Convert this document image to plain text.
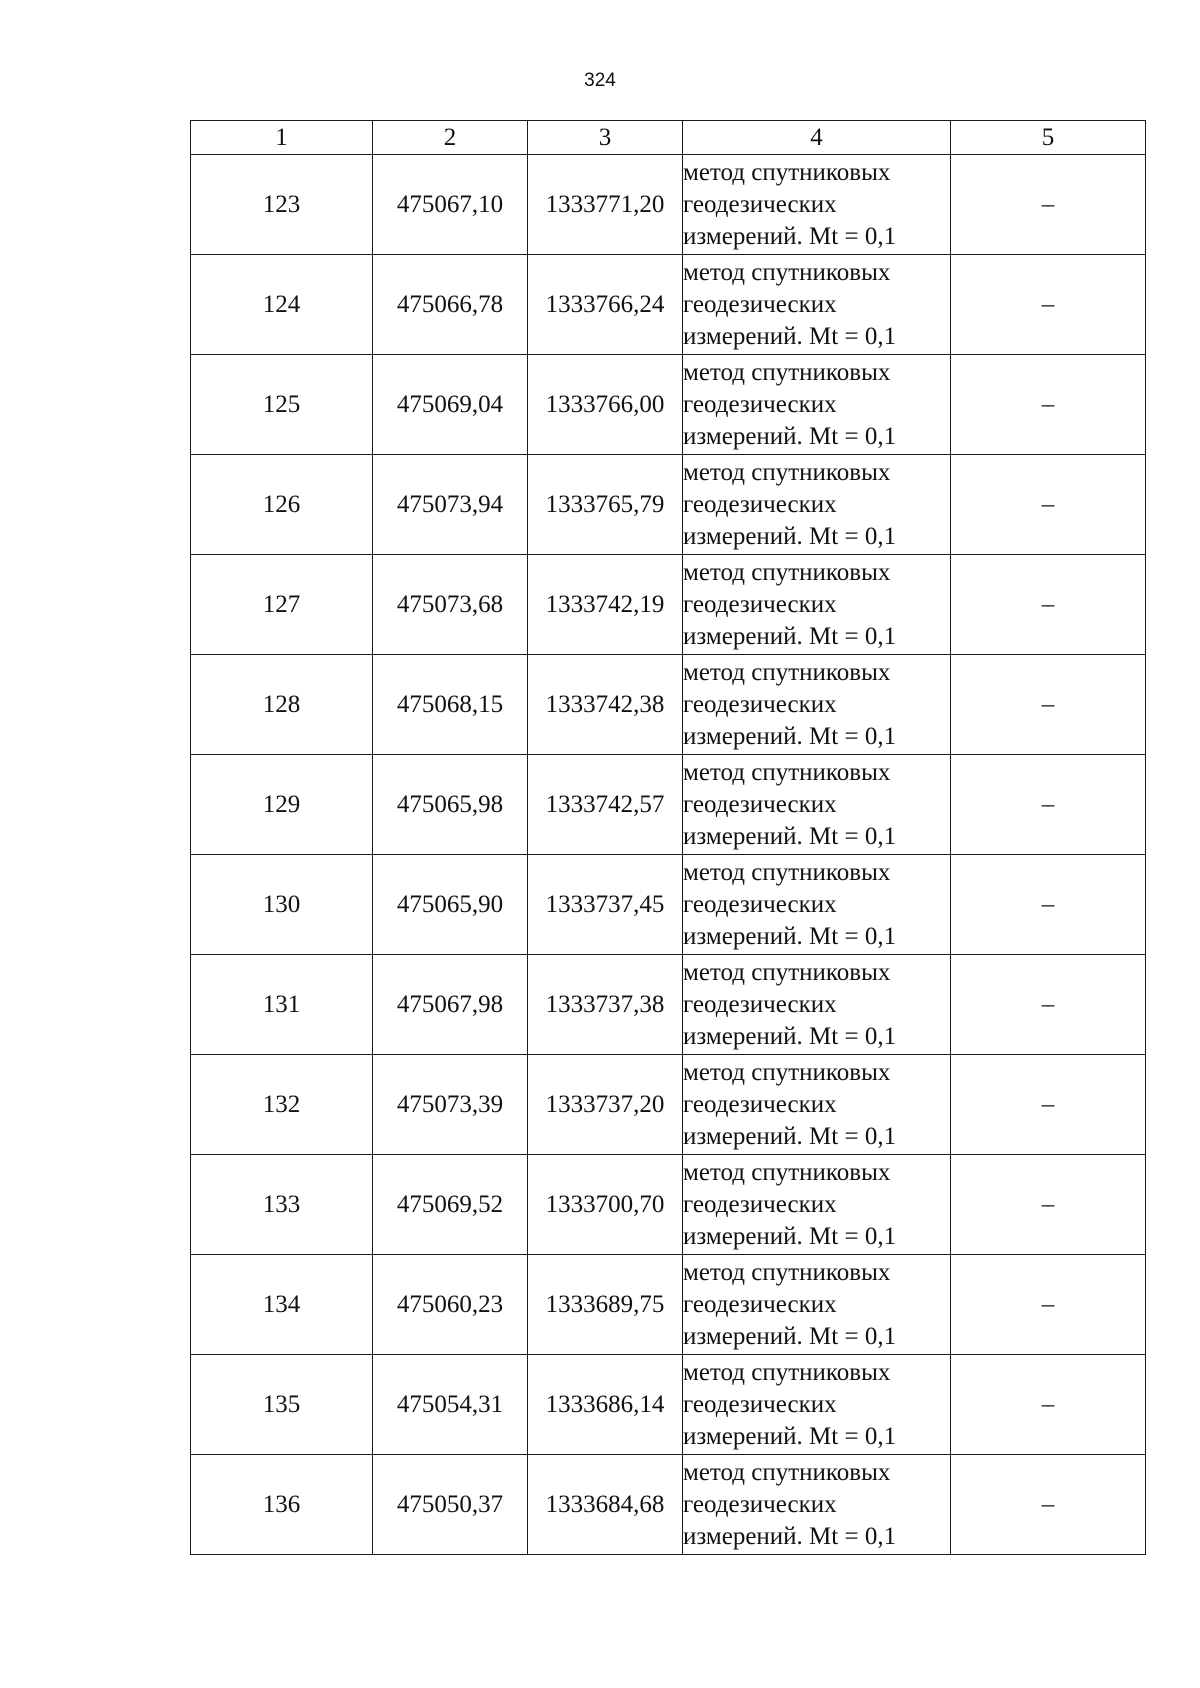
324
1	2	3	4	5
123	475067,10	1333771,20	метод спутниковых
геодезических
измерений. Mt = 0,1	–
124	475066,78	1333766,24	метод спутниковых
геодезических
измерений. Mt = 0,1	–
125	475069,04	1333766,00	метод спутниковых
геодезических
измерений. Mt = 0,1	–
126	475073,94	1333765,79	метод спутниковых
геодезических
измерений. Mt = 0,1	–
127	475073,68	1333742,19	метод спутниковых
геодезических
измерений. Mt = 0,1	–
128	475068,15	1333742,38	метод спутниковых
геодезических
измерений. Mt = 0,1	–
129	475065,98	1333742,57	метод спутниковых
геодезических
измерений. Mt = 0,1	–
130	475065,90	1333737,45	метод спутниковых
геодезических
измерений. Mt = 0,1	–
131	475067,98	1333737,38	метод спутниковых
геодезических
измерений. Mt = 0,1	–
132	475073,39	1333737,20	метод спутниковых
геодезических
измерений. Mt = 0,1	–
133	475069,52	1333700,70	метод спутниковых
геодезических
измерений. Mt = 0,1	–
134	475060,23	1333689,75	метод спутниковых
геодезических
измерений. Mt = 0,1	–
135	475054,31	1333686,14	метод спутниковых
геодезических
измерений. Mt = 0,1	–
136	475050,37	1333684,68	метод спутниковых
геодезических
измерений. Mt = 0,1	–
